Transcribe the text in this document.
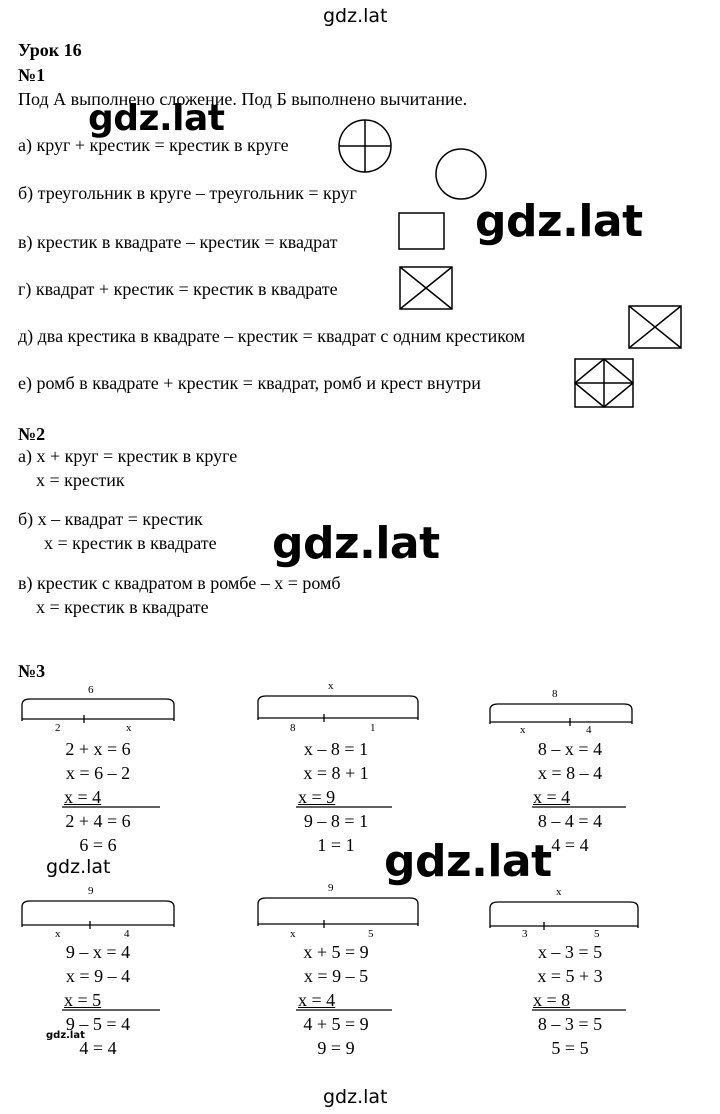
gdz.lat
gdz.lat
Урок 16
№1
Под А выполнено сложение. Под Б выполнено вычитание.
а) круг + крестик = крестик в круге
б) треугольник в круге – треугольник = круг
в) крестик в квадрате – крестик = квадрат
г) квадрат + крестик = крестик в квадрате
д) два крестика в квадрате – крестик = квадрат с одним крестиком
е) ромб в квадрате + крестик = квадрат, ромб и крест внутри
gdz.lat
gdz.lat
№2
а) х + круг = крестик в круге
х = крестик
б) х – квадрат = крестик
х = крестик в квадрате
в) крестик с квадратом в ромбе – х = ромб
х = крестик в квадрате
gdz.lat
№3
6
2	х
2 + х = 6
х = 6 – 2
х = 4
2 + 4 = 6
6 = 6
х
8	1
х – 8 = 1
х = 8 + 1
х = 9
9 – 8 = 1
1 = 1
8
х	4
8 – х = 4
х = 8 – 4
х = 4
8 – 4 = 4
4 = 4
gdz.lat	gdz.lat
9
х	4
9 – х = 4
х = 9 – 4
х = 5
9 – 5 = 4
4 = 4
gdz.lat
9
х	5
х + 5 = 9
х = 9 – 5
х = 4
4 + 5 = 9
9 = 9
х
3	5
х – 3 = 5
х = 5 + 3
х = 8
8 – 3 = 5
5 = 5
